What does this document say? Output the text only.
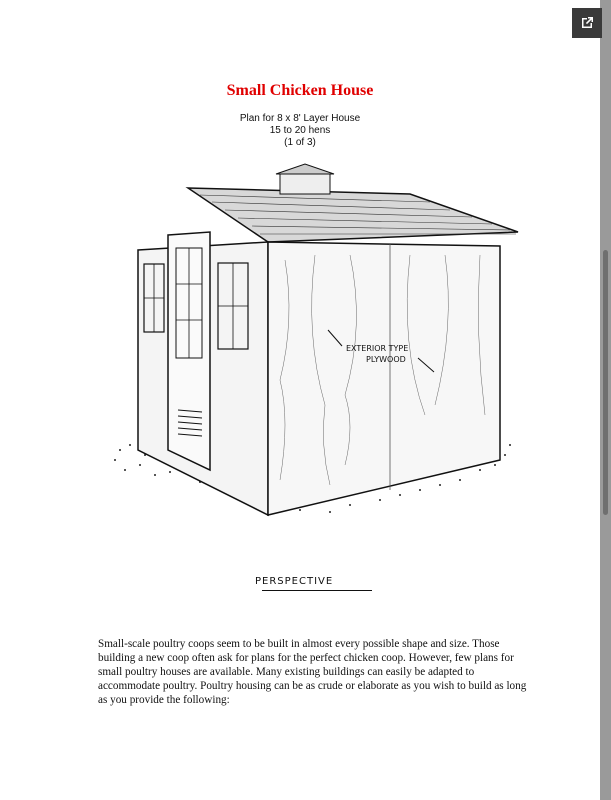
Small Chicken House
Plan for 8 x 8' Layer House
15 to 20 hens
(1 of 3)
EXTERIOR TYPE
PLYWOOD
PERSPECTIVE
Small-scale poultry coops seem to be built in almost every possible shape and size. Those building a new coop often ask for plans for the perfect chicken coop. However, few plans for small poultry houses are available. Many existing buildings can easily be adapted to accommodate poultry. Poultry housing can be as crude or elaborate as you wish to build as long as you provide the following:
